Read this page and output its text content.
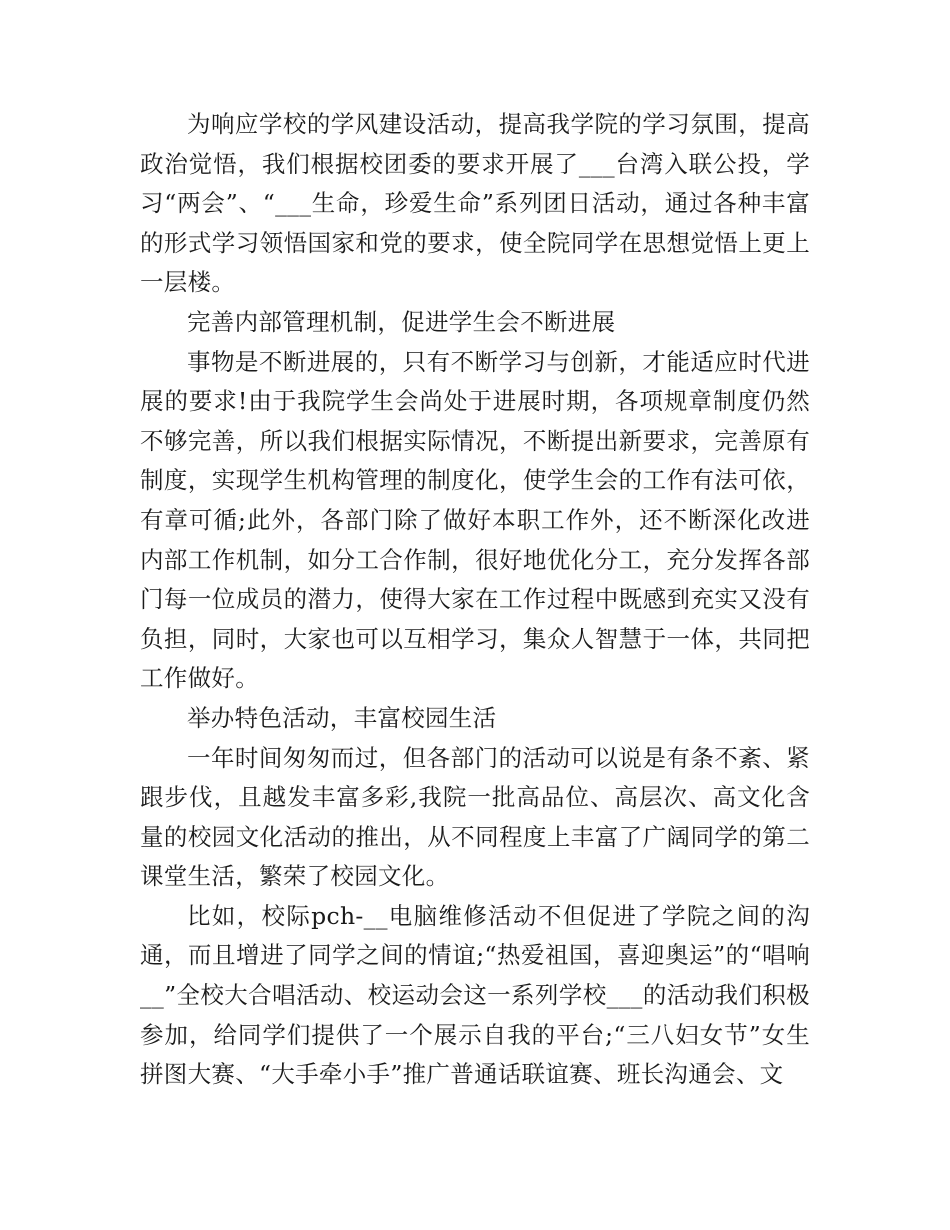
为响应学校的学风建设活动，提高我学院的学习氛围，提高政治觉悟，我们根据校团委的要求开展了___台湾入联公投，学习“两会”、“___生命，珍爱生命”系列团日活动，通过各种丰富的形式学习领悟国家和党的要求，使全院同学在思想觉悟上更上一层楼。

完善内部管理机制，促进学生会不断进展

事物是不断进展的，只有不断学习与创新，才能适应时代进展的要求!由于我院学生会尚处于进展时期，各项规章制度仍然不够完善，所以我们根据实际情况，不断提出新要求，完善原有制度，实现学生机构管理的制度化，使学生会的工作有法可依，有章可循;此外，各部门除了做好本职工作外，还不断深化改进内部工作机制，如分工合作制，很好地优化分工，充分发挥各部门每一位成员的潜力，使得大家在工作过程中既感到充实又没有负担，同时，大家也可以互相学习，集众人智慧于一体，共同把工作做好。

举办特色活动，丰富校园生活

一年时间匆匆而过，但各部门的活动可以说是有条不紊、紧跟步伐，且越发丰富多彩,我院一批高品位、高层次、高文化含量的校园文化活动的推出，从不同程度上丰富了广阔同学的第二课堂生活，繁荣了校园文化。

比如，校际pch-__电脑维修活动不但促进了学院之间的沟通，而且增进了同学之间的情谊;“热爱祖国，喜迎奥运”的“唱响__”全校大合唱活动、校运动会这一系列学校___的活动我们积极参加，给同学们提供了一个展示自我的平台;“三八妇女节”女生拼图大赛、“大手牵小手”推广普通话联谊赛、班长沟通会、文
